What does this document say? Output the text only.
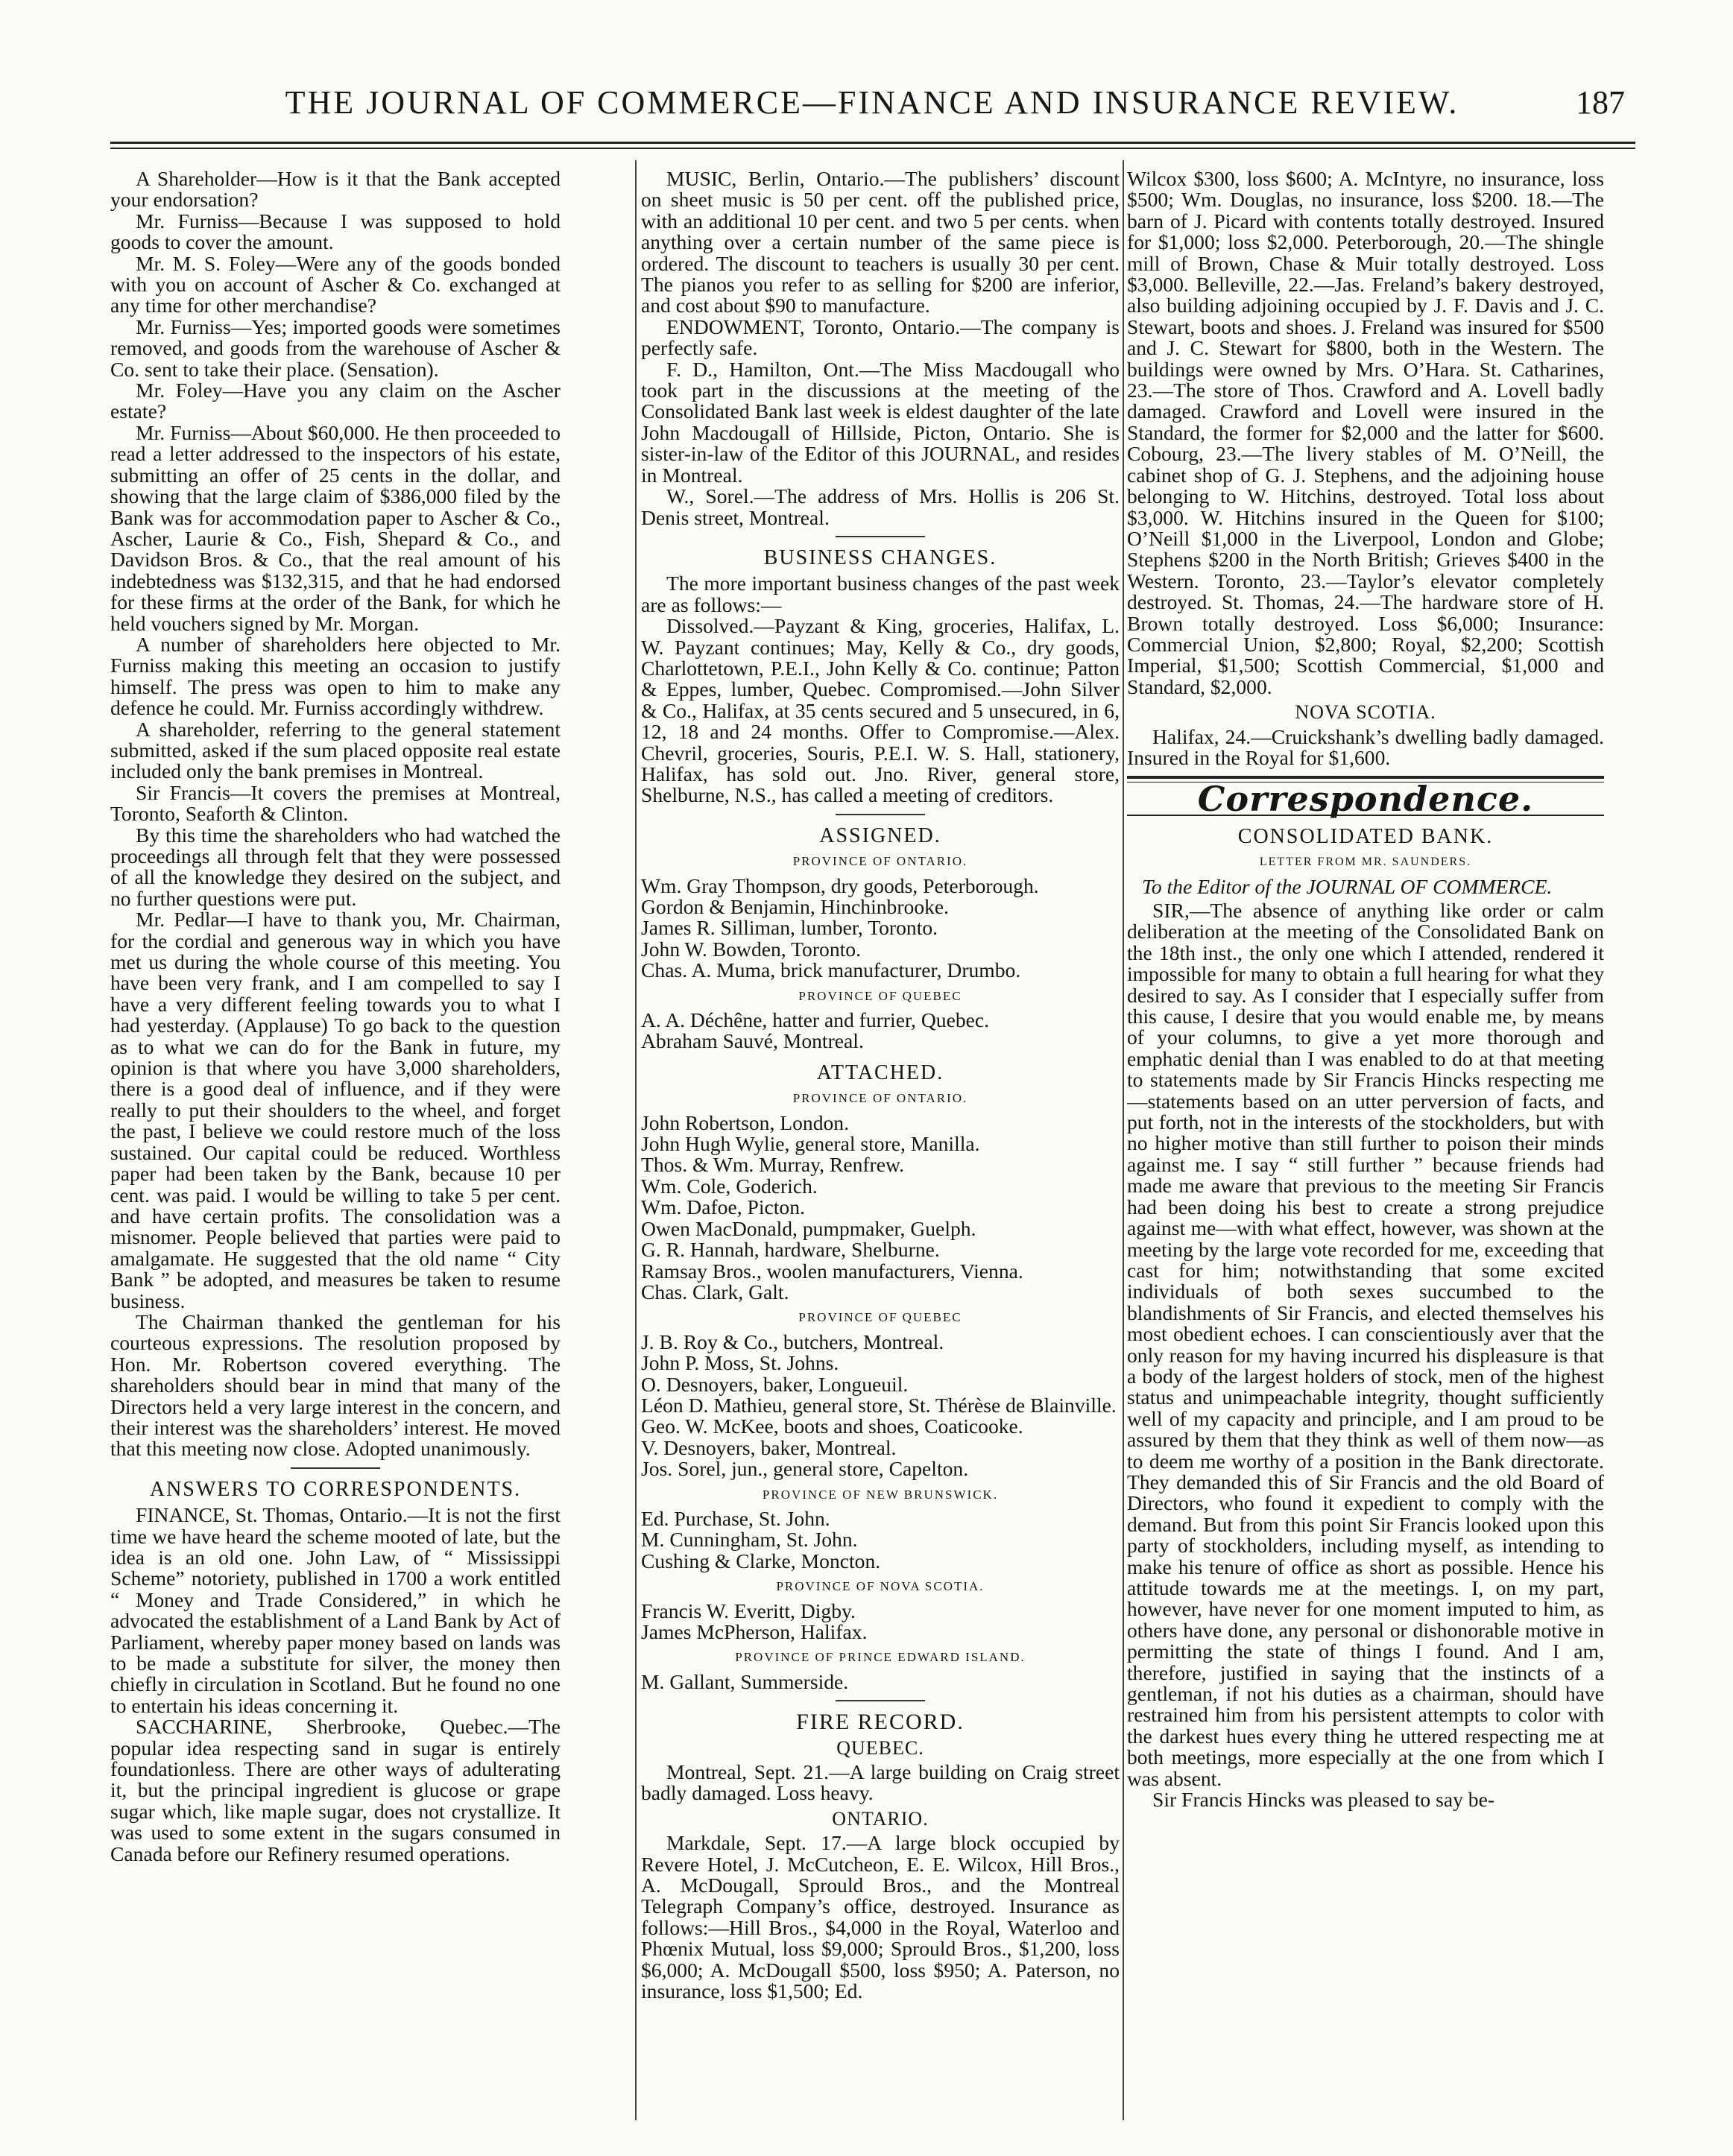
THE JOURNAL OF COMMERCE—FINANCE AND INSURANCE REVIEW.	187

A Shareholder—How is it that the Bank accepted your endorsation?

Mr. Furniss—Because I was supposed to hold goods to cover the amount.

Mr. M. S. Foley—Were any of the goods bonded with you on account of Ascher & Co. exchanged at any time for other merchandise?

Mr. Furniss—Yes; imported goods were sometimes removed, and goods from the warehouse of Ascher & Co. sent to take their place. (Sensation).

Mr. Foley—Have you any claim on the Ascher estate?

Mr. Furniss—About $60,000. He then proceeded to read a letter addressed to the inspectors of his estate, submitting an offer of 25 cents in the dollar, and showing that the large claim of $386,000 filed by the Bank was for accommodation paper to Ascher & Co., Ascher, Laurie & Co., Fish, Shepard & Co., and Davidson Bros. & Co., that the real amount of his indebtedness was $132,315, and that he had endorsed for these firms at the order of the Bank, for which he held vouchers signed by Mr. Morgan.

A number of shareholders here objected to Mr. Furniss making this meeting an occasion to justify himself. The press was open to him to make any defence he could. Mr. Furniss accordingly withdrew.

A shareholder, referring to the general statement submitted, asked if the sum placed opposite real estate included only the bank premises in Montreal.

Sir Francis—It covers the premises at Montreal, Toronto, Seaforth & Clinton.

By this time the shareholders who had watched the proceedings all through felt that they were possessed of all the knowledge they desired on the subject, and no further questions were put.

Mr. Pedlar—I have to thank you, Mr. Chairman, for the cordial and generous way in which you have met us during the whole course of this meeting. You have been very frank, and I am compelled to say I have a very different feeling towards you to what I had yesterday. (Applause) To go back to the question as to what we can do for the Bank in future, my opinion is that where you have 3,000 shareholders, there is a good deal of influence, and if they were really to put their shoulders to the wheel, and forget the past, I believe we could restore much of the loss sustained. Our capital could be reduced. Worthless paper had been taken by the Bank, because 10 per cent. was paid. I would be willing to take 5 per cent. and have certain profits. The consolidation was a misnomer. People believed that parties were paid to amalgamate. He suggested that the old name “ City Bank ” be adopted, and measures be taken to resume business.

The Chairman thanked the gentleman for his courteous expressions. The resolution proposed by Hon. Mr. Robertson covered everything. The shareholders should bear in mind that many of the Directors held a very large interest in the concern, and their interest was the shareholders’ interest. He moved that this meeting now close. Adopted unanimously.

ANSWERS TO CORRESPONDENTS.

FINANCE, St. Thomas, Ontario.—It is not the first time we have heard the scheme mooted of late, but the idea is an old one. John Law, of “ Mississippi Scheme” notoriety, published in 1700 a work entitled “ Money and Trade Considered,” in which he advocated the establishment of a Land Bank by Act of Parliament, whereby paper money based on lands was to be made a substitute for silver, the money then chiefly in circulation in Scotland. But he found no one to entertain his ideas concerning it.

SACCHARINE, Sherbrooke, Quebec.—The popular idea respecting sand in sugar is entirely foundationless. There are other ways of adulterating it, but the principal ingredient is glucose or grape sugar which, like maple sugar, does not crystallize. It was used to some extent in the sugars consumed in Canada before our Refinery resumed operations.

MUSIC, Berlin, Ontario.—The publishers’ discount on sheet music is 50 per cent. off the published price, with an additional 10 per cent. and two 5 per cents. when anything over a certain number of the same piece is ordered. The discount to teachers is usually 30 per cent. The pianos you refer to as selling for $200 are inferior, and cost about $90 to manufacture.

ENDOWMENT, Toronto, Ontario.—The company is perfectly safe.

F. D., Hamilton, Ont.—The Miss Macdougall who took part in the discussions at the meeting of the Consolidated Bank last week is eldest daughter of the late John Macdougall of Hillside, Picton, Ontario. She is sister-in-law of the Editor of this JOURNAL, and resides in Montreal.

W., Sorel.—The address of Mrs. Hollis is 206 St. Denis street, Montreal.

BUSINESS CHANGES.

The more important business changes of the past week are as follows:—

Dissolved.—Payzant & King, groceries, Halifax, L. W. Payzant continues; May, Kelly & Co., dry goods, Charlottetown, P.E.I., John Kelly & Co. continue; Patton & Eppes, lumber, Quebec. Compromised.—John Silver & Co., Halifax, at 35 cents secured and 5 unsecured, in 6, 12, 18 and 24 months. Offer to Compromise.—Alex. Chevril, groceries, Souris, P.E.I. W. S. Hall, stationery, Halifax, has sold out. Jno. River, general store, Shelburne, N.S., has called a meeting of creditors.

ASSIGNED.
PROVINCE OF ONTARIO.

Wm. Gray Thompson, dry goods, Peterborough.

Gordon & Benjamin, Hinchinbrooke.

James R. Silliman, lumber, Toronto.

John W. Bowden, Toronto.

Chas. A. Muma, brick manufacturer, Drumbo.

PROVINCE OF QUEBEC

A. A. Déchêne, hatter and furrier, Quebec.

Abraham Sauvé, Montreal.

ATTACHED.
PROVINCE OF ONTARIO.

John Robertson, London.

John Hugh Wylie, general store, Manilla.

Thos. & Wm. Murray, Renfrew.

Wm. Cole, Goderich.

Wm. Dafoe, Picton.

Owen MacDonald, pumpmaker, Guelph.

G. R. Hannah, hardware, Shelburne.

Ramsay Bros., woolen manufacturers, Vienna.

Chas. Clark, Galt.

PROVINCE OF QUEBEC

J. B. Roy & Co., butchers, Montreal.

John P. Moss, St. Johns.

O. Desnoyers, baker, Longueuil.

Léon D. Mathieu, general store, St. Thérèse de Blainville.

Geo. W. McKee, boots and shoes, Coaticooke.

V. Desnoyers, baker, Montreal.

Jos. Sorel, jun., general store, Capelton.

PROVINCE OF NEW BRUNSWICK.

Ed. Purchase, St. John.

M. Cunningham, St. John.

Cushing & Clarke, Moncton.

PROVINCE OF NOVA SCOTIA.

Francis W. Everitt, Digby.

James McPherson, Halifax.

PROVINCE OF PRINCE EDWARD ISLAND.

M. Gallant, Summerside.

FIRE RECORD.
QUEBEC.

Montreal, Sept. 21.—A large building on Craig street badly damaged. Loss heavy.

ONTARIO.

Markdale, Sept. 17.—A large block occupied by Revere Hotel, J. McCutcheon, E. E. Wilcox, Hill Bros., A. McDougall, Sprould Bros., and the Montreal Telegraph Company’s office, destroyed. Insurance as follows:—Hill Bros., $4,000 in the Royal, Waterloo and Phœnix Mutual, loss $9,000; Sprould Bros., $1,200, loss $6,000; A. McDougall $500, loss $950; A. Paterson, no insurance, loss $1,500; Ed.

Wilcox $300, loss $600; A. McIntyre, no insurance, loss $500; Wm. Douglas, no insurance, loss $200. 18.—The barn of J. Picard with contents totally destroyed. Insured for $1,000; loss $2,000. Peterborough, 20.—The shingle mill of Brown, Chase & Muir totally destroyed. Loss $3,000. Belleville, 22.—Jas. Freland’s bakery destroyed, also building adjoining occupied by J. F. Davis and J. C. Stewart, boots and shoes. J. Freland was insured for $500 and J. C. Stewart for $800, both in the Western. The buildings were owned by Mrs. O’Hara. St. Catharines, 23.—The store of Thos. Crawford and A. Lovell badly damaged. Crawford and Lovell were insured in the Standard, the former for $2,000 and the latter for $600. Cobourg, 23.—The livery stables of M. O’Neill, the cabinet shop of G. J. Stephens, and the adjoining house belonging to W. Hitchins, destroyed. Total loss about $3,000. W. Hitchins insured in the Queen for $100; O’Neill $1,000 in the Liverpool, London and Globe; Stephens $200 in the North British; Grieves $400 in the Western. Toronto, 23.—Taylor’s elevator completely destroyed. St. Thomas, 24.—The hardware store of H. Brown totally destroyed. Loss $6,000; Insurance: Commercial Union, $2,800; Royal, $2,200; Scottish Imperial, $1,500; Scottish Commercial, $1,000 and Standard, $2,000.

NOVA SCOTIA.

Halifax, 24.—Cruickshank’s dwelling badly damaged. Insured in the Royal for $1,600.

Correspondence.
CONSOLIDATED BANK.
LETTER FROM MR. SAUNDERS.

To the Editor of the JOURNAL OF COMMERCE.

SIR,—The absence of anything like order or calm deliberation at the meeting of the Consolidated Bank on the 18th inst., the only one which I attended, rendered it impossible for many to obtain a full hearing for what they desired to say. As I consider that I especially suffer from this cause, I desire that you would enable me, by means of your columns, to give a yet more thorough and emphatic denial than I was enabled to do at that meeting to statements made by Sir Francis Hincks respecting me—statements based on an utter perversion of facts, and put forth, not in the interests of the stockholders, but with no higher motive than still further to poison their minds against me. I say “ still further ” because friends had made me aware that previous to the meeting Sir Francis had been doing his best to create a strong prejudice against me—with what effect, however, was shown at the meeting by the large vote recorded for me, exceeding that cast for him; notwithstanding that some excited individuals of both sexes succumbed to the blandishments of Sir Francis, and elected themselves his most obedient echoes. I can conscientiously aver that the only reason for my having incurred his displeasure is that a body of the largest holders of stock, men of the highest status and unimpeachable integrity, thought sufficiently well of my capacity and principle, and I am proud to be assured by them that they think as well of them now—as to deem me worthy of a position in the Bank directorate. They demanded this of Sir Francis and the old Board of Directors, who found it expedient to comply with the demand. But from this point Sir Francis looked upon this party of stockholders, including myself, as intending to make his tenure of office as short as possible. Hence his attitude towards me at the meetings. I, on my part, however, have never for one moment imputed to him, as others have done, any personal or dishonorable motive in permitting the state of things I found. And I am, therefore, justified in saying that the instincts of a gentleman, if not his duties as a chairman, should have restrained him from his persistent attempts to color with the darkest hues every thing he uttered respecting me at both meetings, more especially at the one from which I was absent.

Sir Francis Hincks was pleased to say be-
